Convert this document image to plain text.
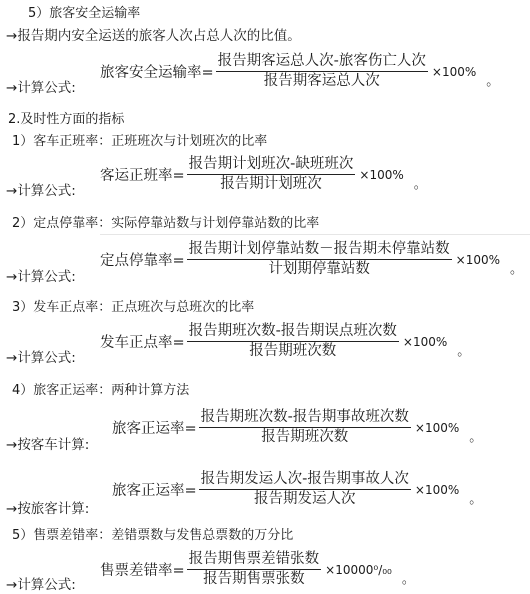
5）旅客安全运输率
→报告期内安全运送的旅客人次占总人次的比值。
→计算公式:
旅客安全运输率= $\frac{\text{报告期客运总人次-旅客伤亡人次}}{\text{报告期客运总人次}} \times 100\%$
。
2.及时性方面的指标
1）客车正班率：正班班次与计划班次的比率
→计算公式:
客运正班率= $\frac{\text{报告期计划班次-缺班班次}}{\text{报告期计划班次}} \times 100\%$
。
2）定点停靠率：实际停靠站数与计划停靠站数的比率
→计算公式:
定点停靠率= $\frac{\text{报告期计划停靠站数－报告期未停靠站数}}{\text{计划期停靠站数}} \times 100\%$
。
3）发车正点率：正点班次与总班次的比率
→计算公式:
发车正点率= $\frac{\text{报告期班次数-报告期误点班次数}}{\text{报告期班次数}} \times 100\%$
。
4）旅客正运率：两种计算方法
→按客车计算:
旅客正运率= $\frac{\text{报告期班次数-报告期事故班次数}}{\text{报告期班次数}} \times 100\%$
。
→按旅客计算:
旅客正运率= $\frac{\text{报告期发运人次-报告期事故人次}}{\text{报告期发运人次}} \times 100\%$
。
5）售票差错率：差错票数与发售总票数的万分比
→计算公式:
售票差错率= $\frac{\text{报告期售票差错张数}}{\text{报告期售票张数}} \times 10000^0/_{00}$
。
